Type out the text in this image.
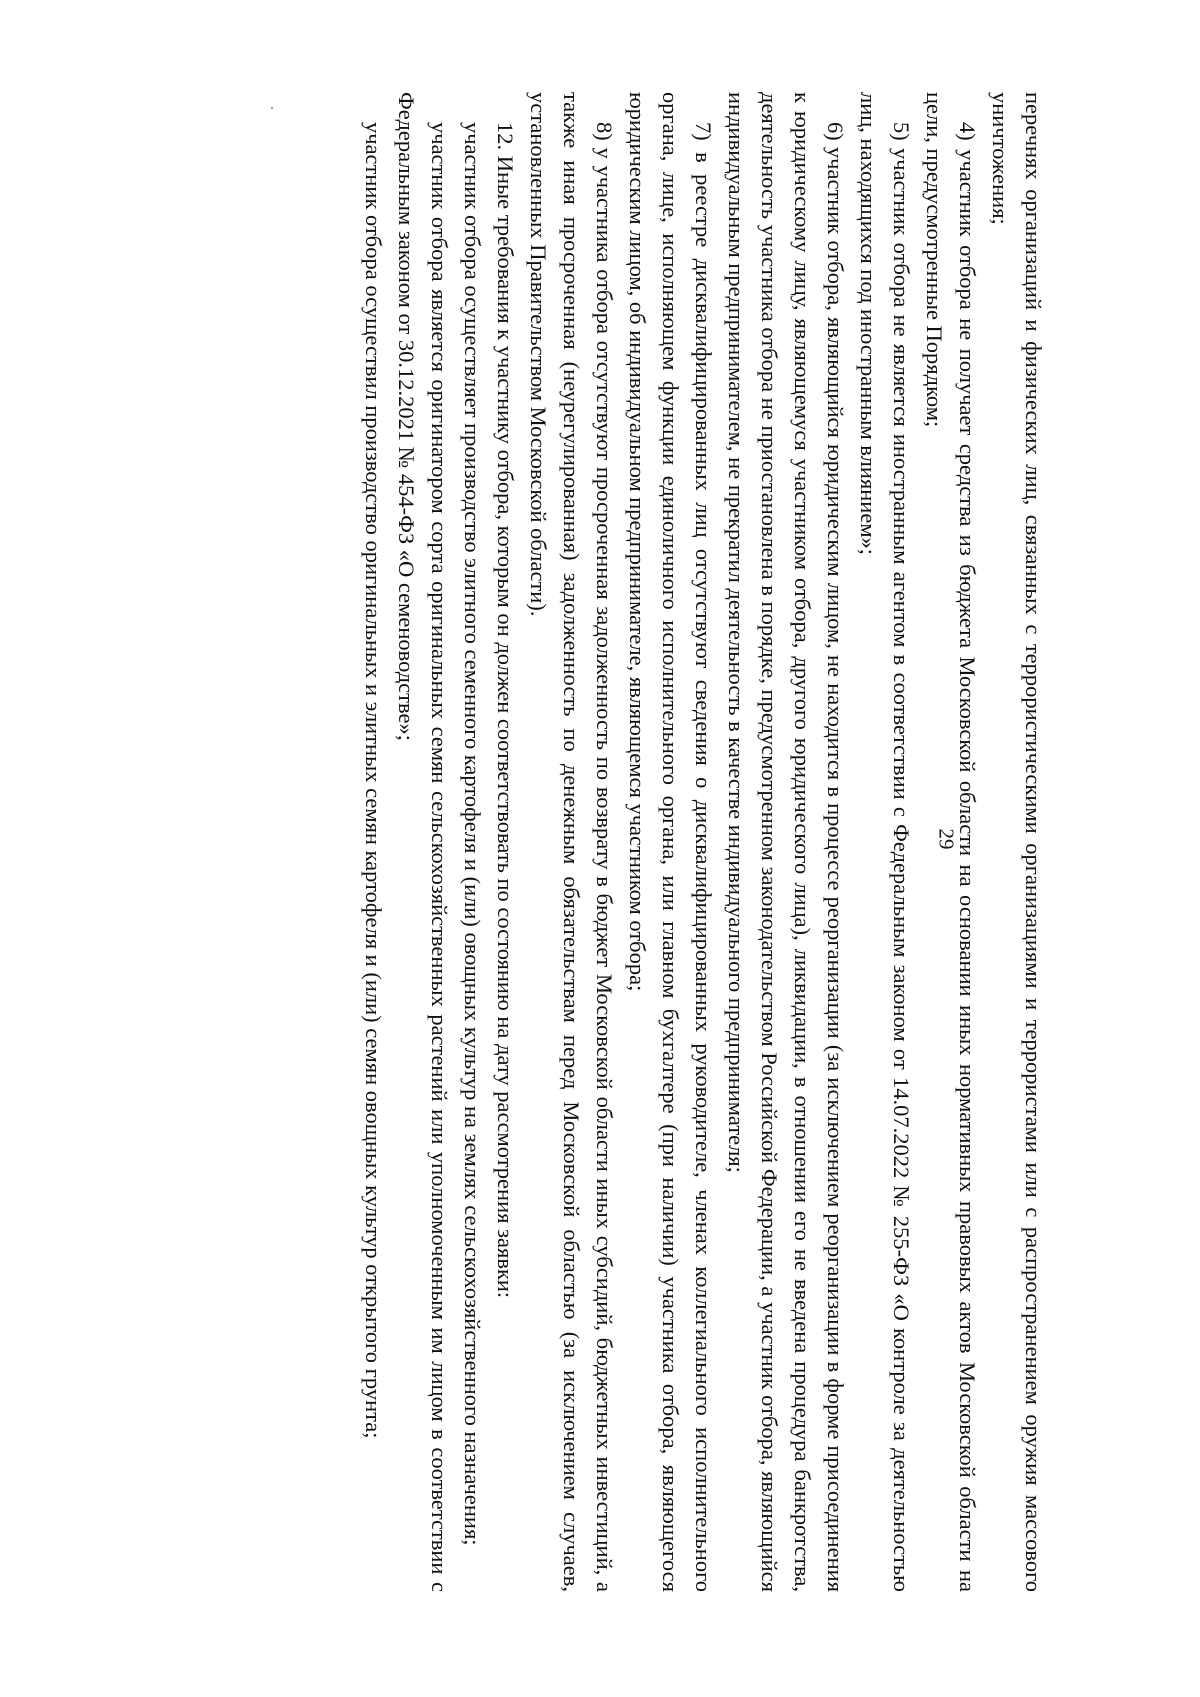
29	перечнях организаций и физических лиц, связанных с террористическими организациями и террористами или с распространением оружия массового уничтожения;

4) участник отбора не получает средства из бюджета Московской области на основании иных нормативных правовых актов Московской области на цели, предусмотренные Порядком;

5) участник отбора не является иностранным агентом в соответствии с Федеральным законом от 14.07.2022 № 255-ФЗ «О контроле за деятельностью лиц, находящихся под иностранным влиянием»;

6) участник отбора, являющийся юридическим лицом, не находится в процессе реорганизации (за исключением реорганизации в форме присоединения к юридическому лицу, являющемуся участником отбора, другого юридического лица), ликвидации, в отношении его не введена процедура банкротства, деятельность участника отбора не приостановлена в порядке, предусмотренном законодательством Российской Федерации, а участник отбора, являющийся индивидуальным предпринимателем, не прекратил деятельность в качестве индивидуального предпринимателя;

7) в реестре дисквалифицированных лиц отсутствуют сведения о дисквалифицированных руководителе, членах коллегиального исполнительного органа, лице, исполняющем функции единоличного исполнительного органа, или главном бухгалтере (при наличии) участника отбора, являющегося юридическим лицом, об индивидуальном предпринимателе, являющемся участником отбора;

8) у участника отбора отсутствуют просроченная задолженность по возврату в бюджет Московской области иных субсидий, бюджетных инвестиций, а также иная просроченная (неурегулированная) задолженность по денежным обязательствам перед Московской областью (за исключением случаев, установленных Правительством Московской области).

12. Иные требования к участнику отбора, которым он должен соответствовать по состоянию на дату рассмотрения заявки:

участник отбора осуществляет производство элитного семенного картофеля и (или) овощных культур на землях сельскохозяйственного назначения;

участник отбора является оригинатором сорта оригинальных семян сельскохозяйственных растений или уполномоченным им лицом в соответствии с Федеральным законом от 30.12.2021 № 454-ФЗ «О семеноводстве»;

участник отбора осуществил производство оригинальных и элитных семян картофеля и (или) семян овощных культур открытого грунта;
